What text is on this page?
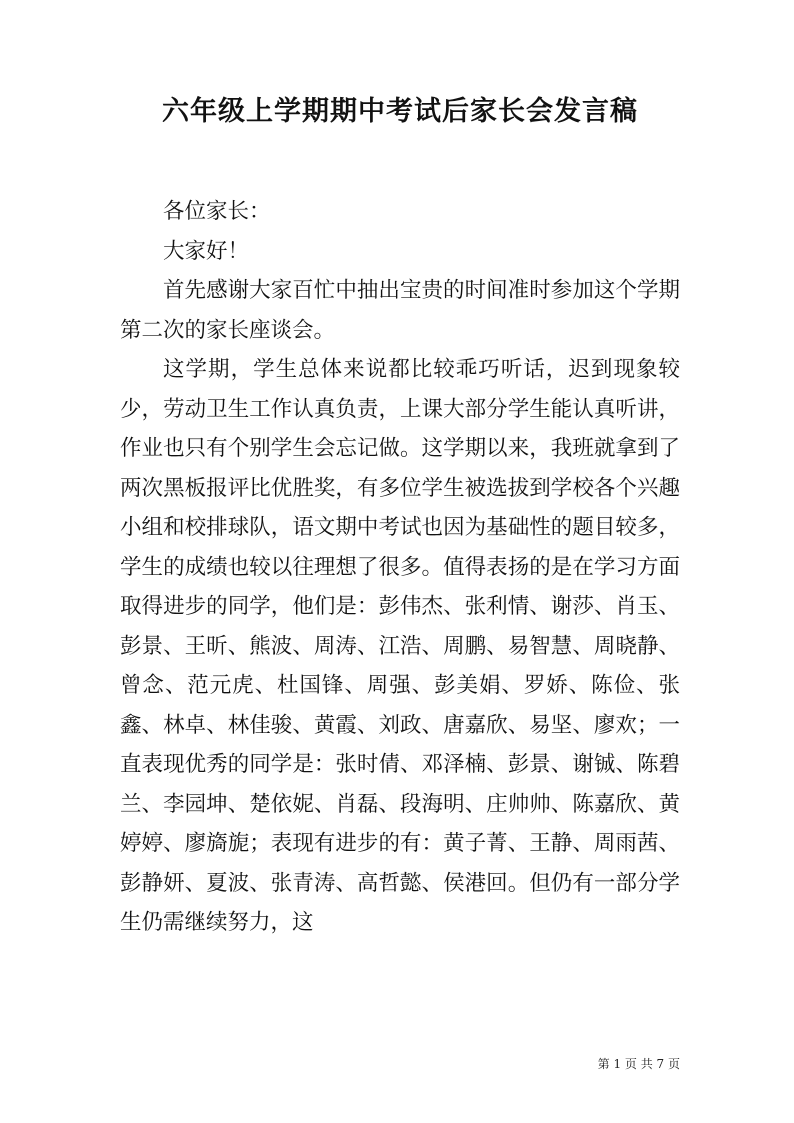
六年级上学期期中考试后家长会发言稿

各位家长：

大家好！

首先感谢大家百忙中抽出宝贵的时间准时参加这个学期第二次的家长座谈会。

这学期，学生总体来说都比较乖巧听话，迟到现象较少，劳动卫生工作认真负责，上课大部分学生能认真听讲，作业也只有个别学生会忘记做。这学期以来，我班就拿到了两次黑板报评比优胜奖，有多位学生被选拔到学校各个兴趣小组和校排球队，语文期中考试也因为基础性的题目较多，学生的成绩也较以往理想了很多。值得表扬的是在学习方面取得进步的同学，他们是：彭伟杰、张利情、谢莎、肖玉、彭景、王昕、熊波、周涛、江浩、周鹏、易智慧、周晓静、曾念、范元虎、杜国锋、周强、彭美娟、罗娇、陈俭、张鑫、林卓、林佳骏、黄霞、刘政、唐嘉欣、易坚、廖欢；一直表现优秀的同学是：张时倩、邓泽楠、彭景、谢铖、陈碧兰、李园坤、楚依妮、肖磊、段海明、庄帅帅、陈嘉欣、黄婷婷、廖旖旎；表现有进步的有：黄子菁、王静、周雨茜、彭静妍、夏波、张青涛、高哲懿、侯港回。但仍有一部分学生仍需继续努力，这

第 1 页 共 7 页
